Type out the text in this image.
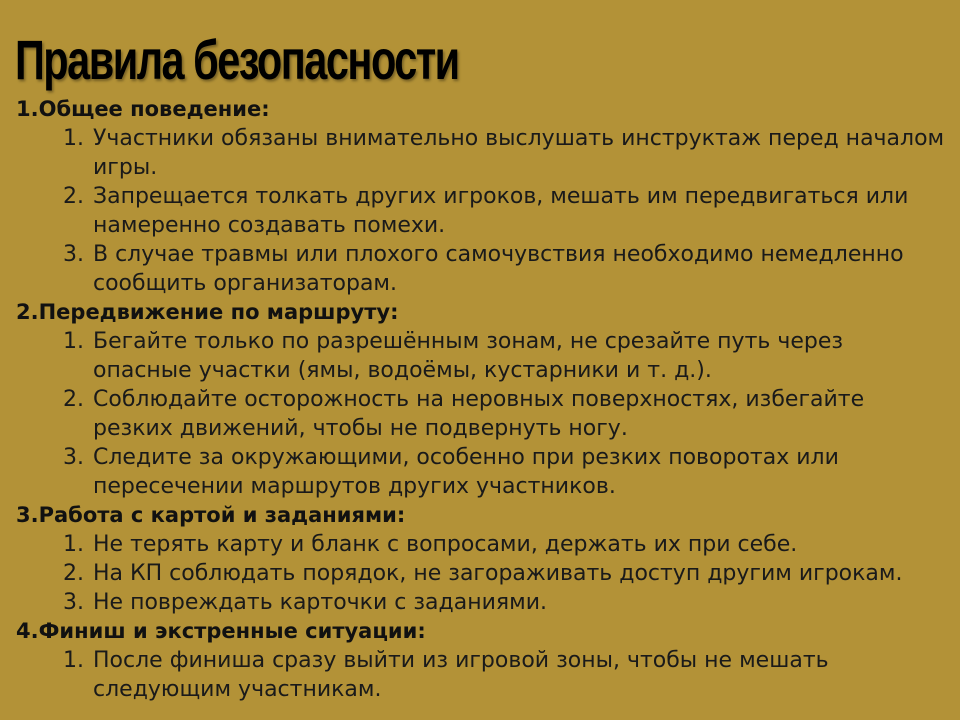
Правила безопасности
1.Общее поведение:
1. Участники обязаны внимательно выслушать инструктаж перед началом игры.
2. Запрещается толкать других игроков, мешать им передвигаться или намеренно создавать помехи.
3. В случае травмы или плохого самочувствия необходимо немедленно сообщить организаторам.
2.Передвижение по маршруту:
1. Бегайте только по разрешённым зонам, не срезайте путь через опасные участки (ямы, водоёмы, кустарники и т. д.).
2. Соблюдайте осторожность на неровных поверхностях, избегайте резких движений, чтобы не подвернуть ногу.
3. Следите за окружающими, особенно при резких поворотах или пересечении маршрутов других участников.
3.Работа с картой и заданиями:
1. Не терять карту и бланк с вопросами, держать их при себе.
2. На КП соблюдать порядок, не загораживать доступ другим игрокам.
3. Не повреждать карточки с заданиями.
4.Финиш и экстренные ситуации:
1. После финиша сразу выйти из игровой зоны, чтобы не мешать следующим участникам.
